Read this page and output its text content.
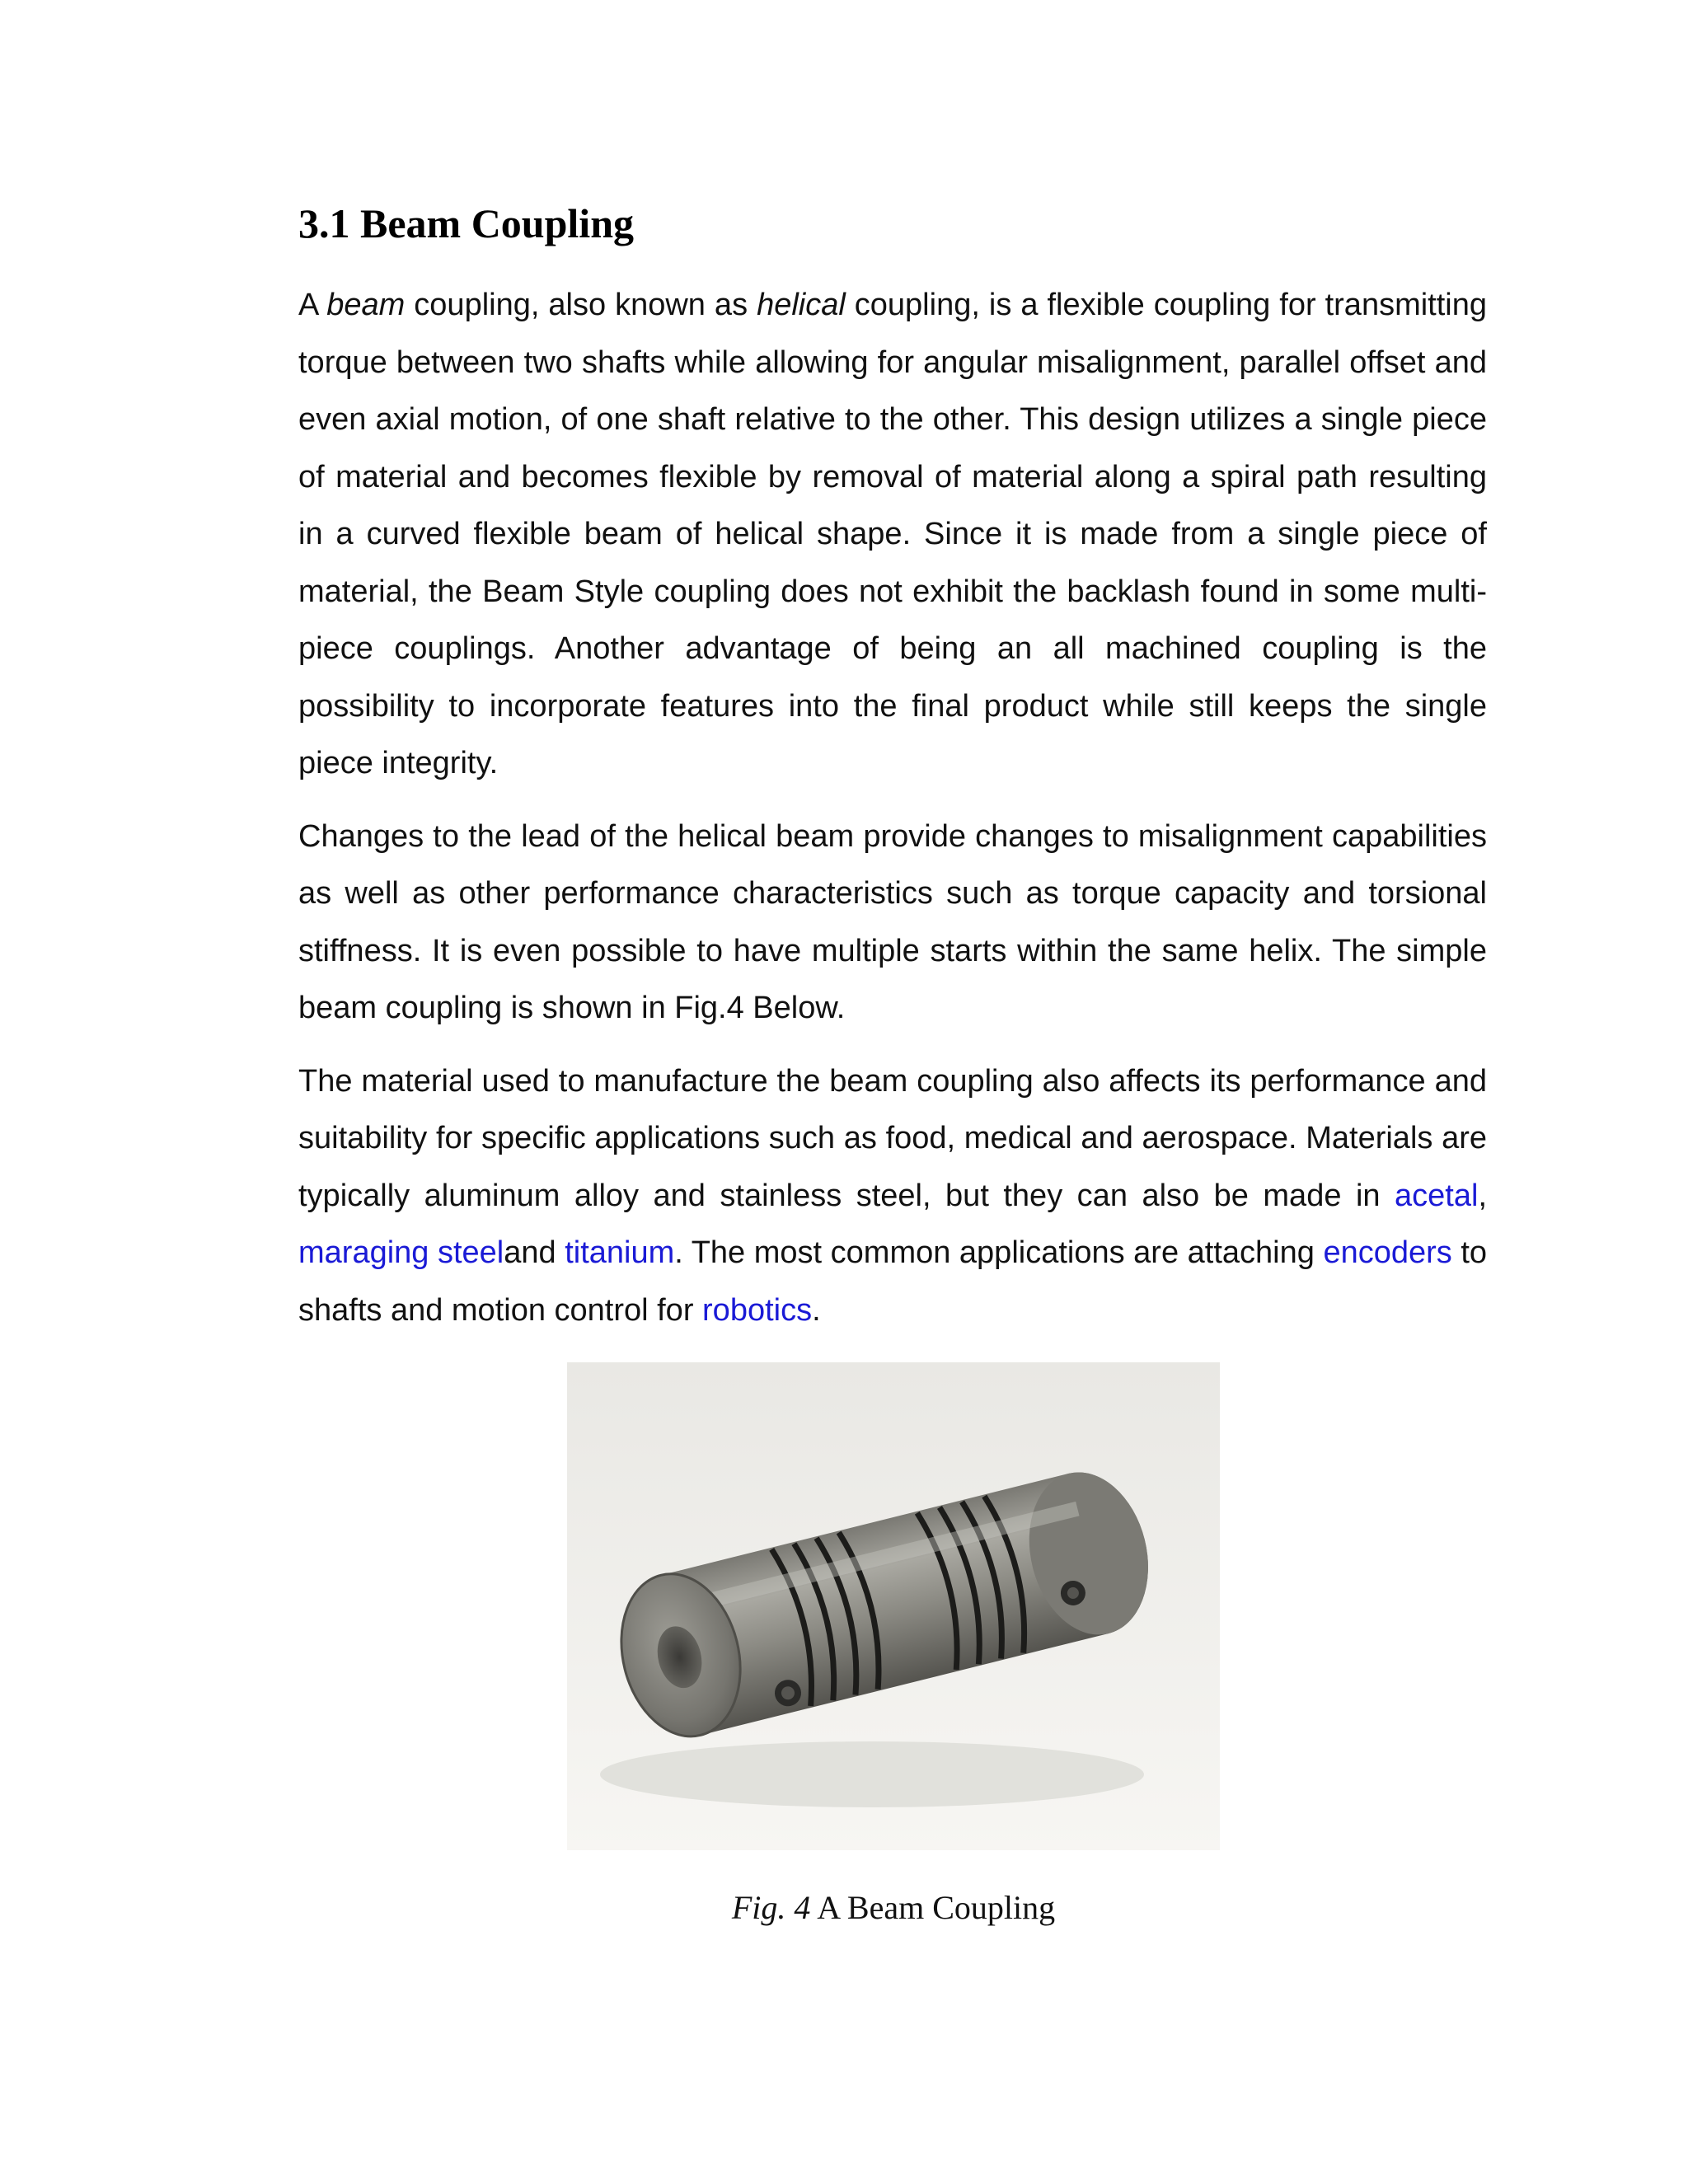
3.1 Beam Coupling

A beam coupling, also known as helical coupling, is a flexible coupling for transmitting torque between two shafts while allowing for angular misalignment, parallel offset and even axial motion, of one shaft relative to the other. This design utilizes a single piece of material and becomes flexible by removal of material along a spiral path resulting in a curved flexible beam of helical shape. Since it is made from a single piece of material, the Beam Style coupling does not exhibit the backlash found in some multi-piece couplings. Another advantage of being an all machined coupling is the possibility to incorporate features into the final product while still keeps the single piece integrity.

Changes to the lead of the helical beam provide changes to misalignment capabilities as well as other performance characteristics such as torque capacity and torsional stiffness. It is even possible to have multiple starts within the same helix. The simple beam coupling is shown in Fig.4 Below.

The material used to manufacture the beam coupling also affects its performance and suitability for specific applications such as food, medical and aerospace. Materials are typically aluminum alloy and stainless steel, but they can also be made in acetal, maraging steeland titanium. The most common applications are attaching encoders to shafts and motion control for robotics.

Fig. 4 A Beam Coupling
